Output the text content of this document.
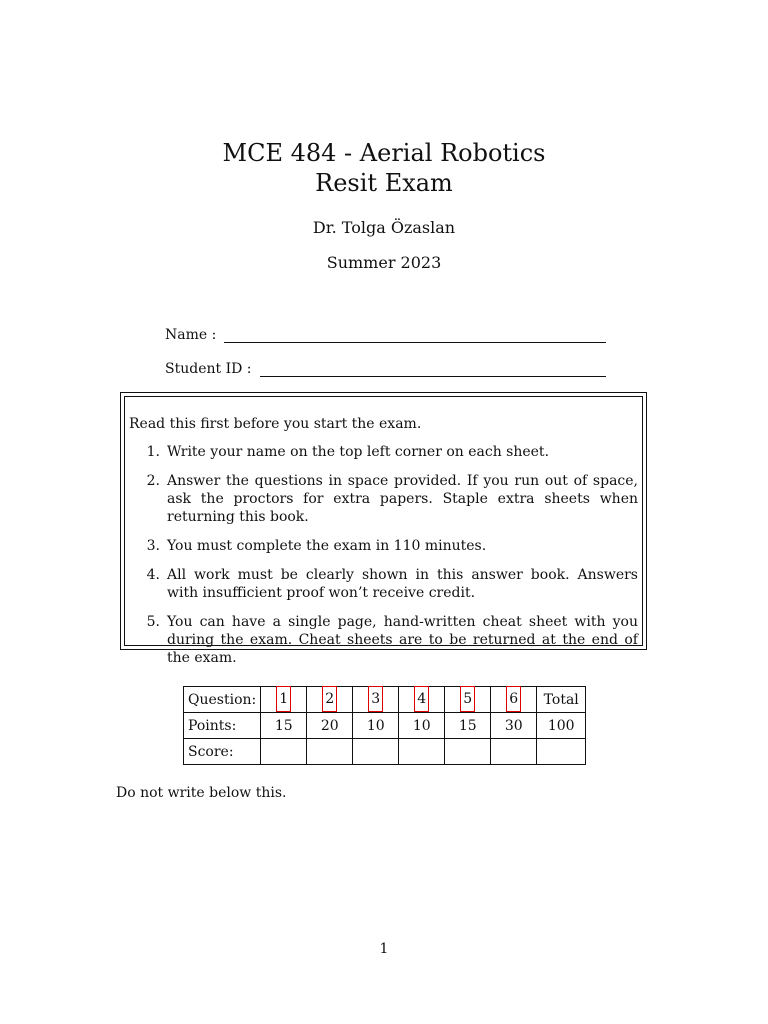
MCE 484 - Aerial Robotics
Resit Exam
Dr. Tolga Özaslan
Summer 2023
Name :
Student ID :

Read this first before you start the exam.

1. Write your name on the top left corner on each sheet.
2. Answer the questions in space provided. If you run out of space, ask the proctors for extra papers. Staple extra sheets when returning this book.
3. You must complete the exam in 110 minutes.
4. All work must be clearly shown in this answer book. Answers with insufficient proof won’t receive credit.
5. You can have a single page, hand-written cheat sheet with you during the exam. Cheat sheets are to be returned at the end of the exam.
Question:	1	2	3	4	5	6	Total
Points:	15	20	10	10	15	30	100
Score:							
Do not write below this.
1
